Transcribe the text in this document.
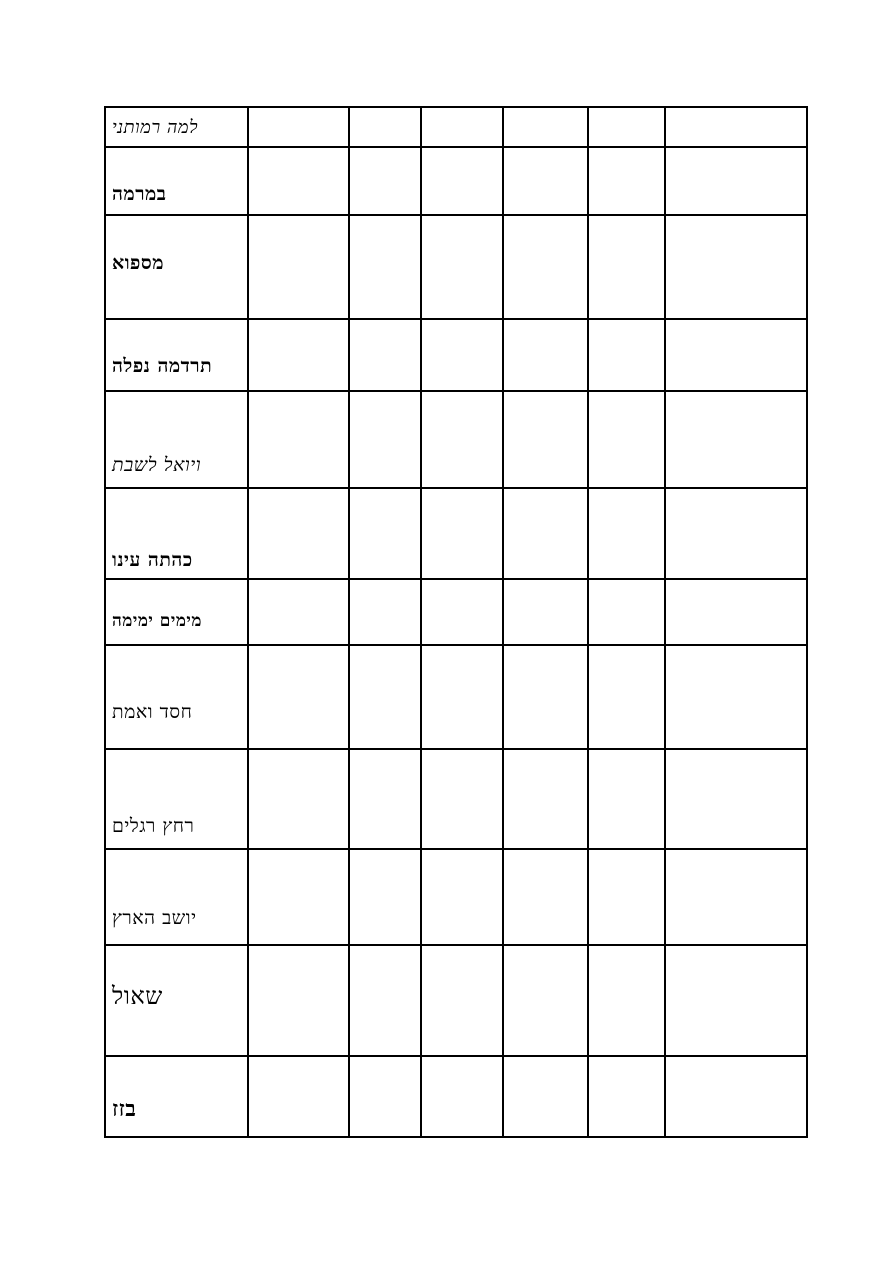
למה רמותני						
במרמה						
מספוא						
תרדמה נפלה						
ויואל לשבת						
כהתה עינו						
מימים ימימה						
חסד ואמת						
רחץ רגלים						
יושב הארץ						
שאול						
בזז						
